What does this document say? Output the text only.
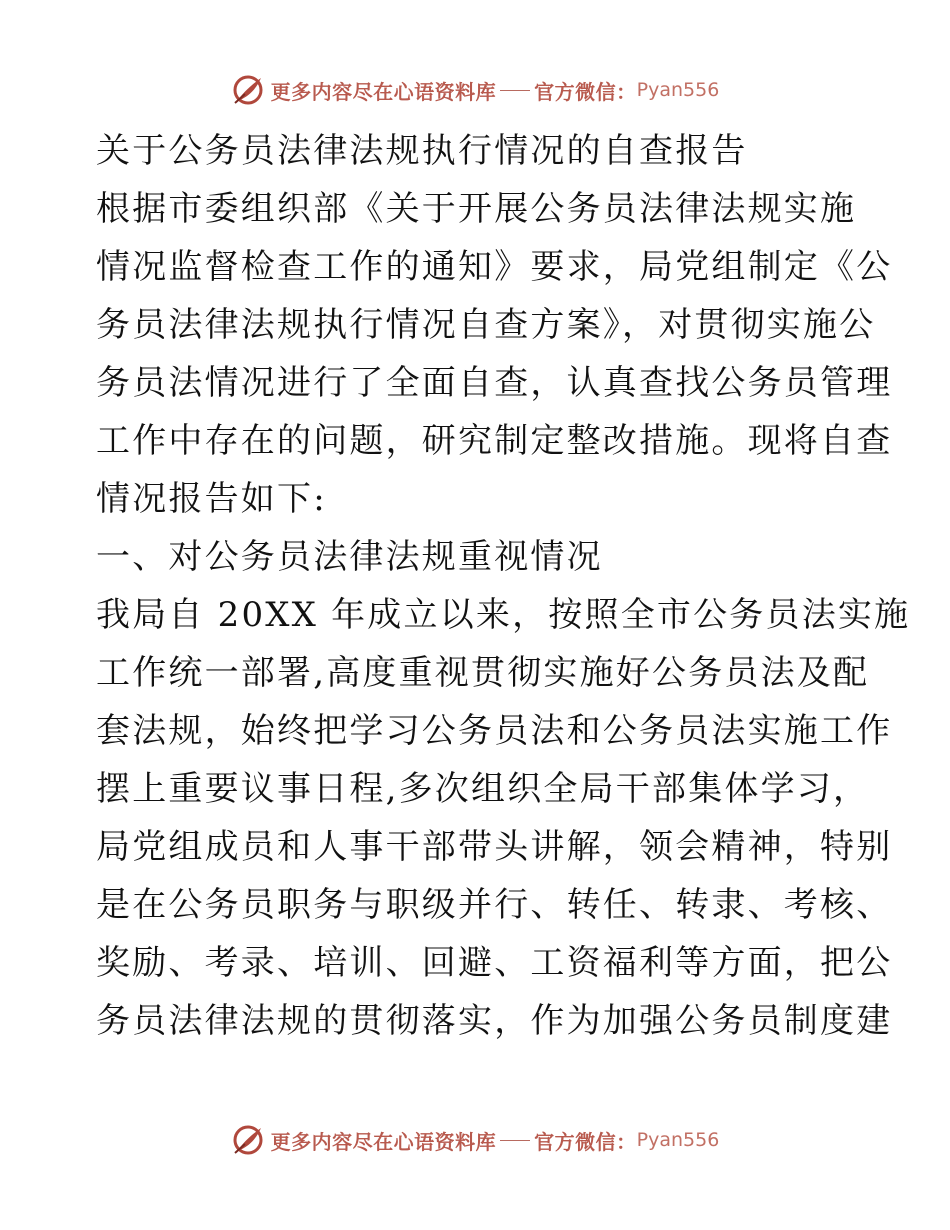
更多内容尽在心语资料库 官方微信： Pyan556
关于公务员法律法规执行情况的自查报告
根据市委组织部《关于开展公务员法律法规实施
情况监督检查工作的通知》要求，局党组制定《公
务员法律法规执行情况自查方案》，对贯彻实施公
务员法情况进行了全面自查，认真查找公务员管理
工作中存在的问题，研究制定整改措施。现将自查
情况报告如下:
一、对公务员法律法规重视情况
我局自 20XX 年成立以来，按照全市公务员法实施
工作统一部署,高度重视贯彻实施好公务员法及配
套法规，始终把学习公务员法和公务员法实施工作
摆上重要议事日程,多次组织全局干部集体学习，
局党组成员和人事干部带头讲解，领会精神，特别
是在公务员职务与职级并行、转任、转隶、考核、
奖励、考录、培训、回避、工资福利等方面，把公
务员法律法规的贯彻落实，作为加强公务员制度建
更多内容尽在心语资料库 官方微信： Pyan556
